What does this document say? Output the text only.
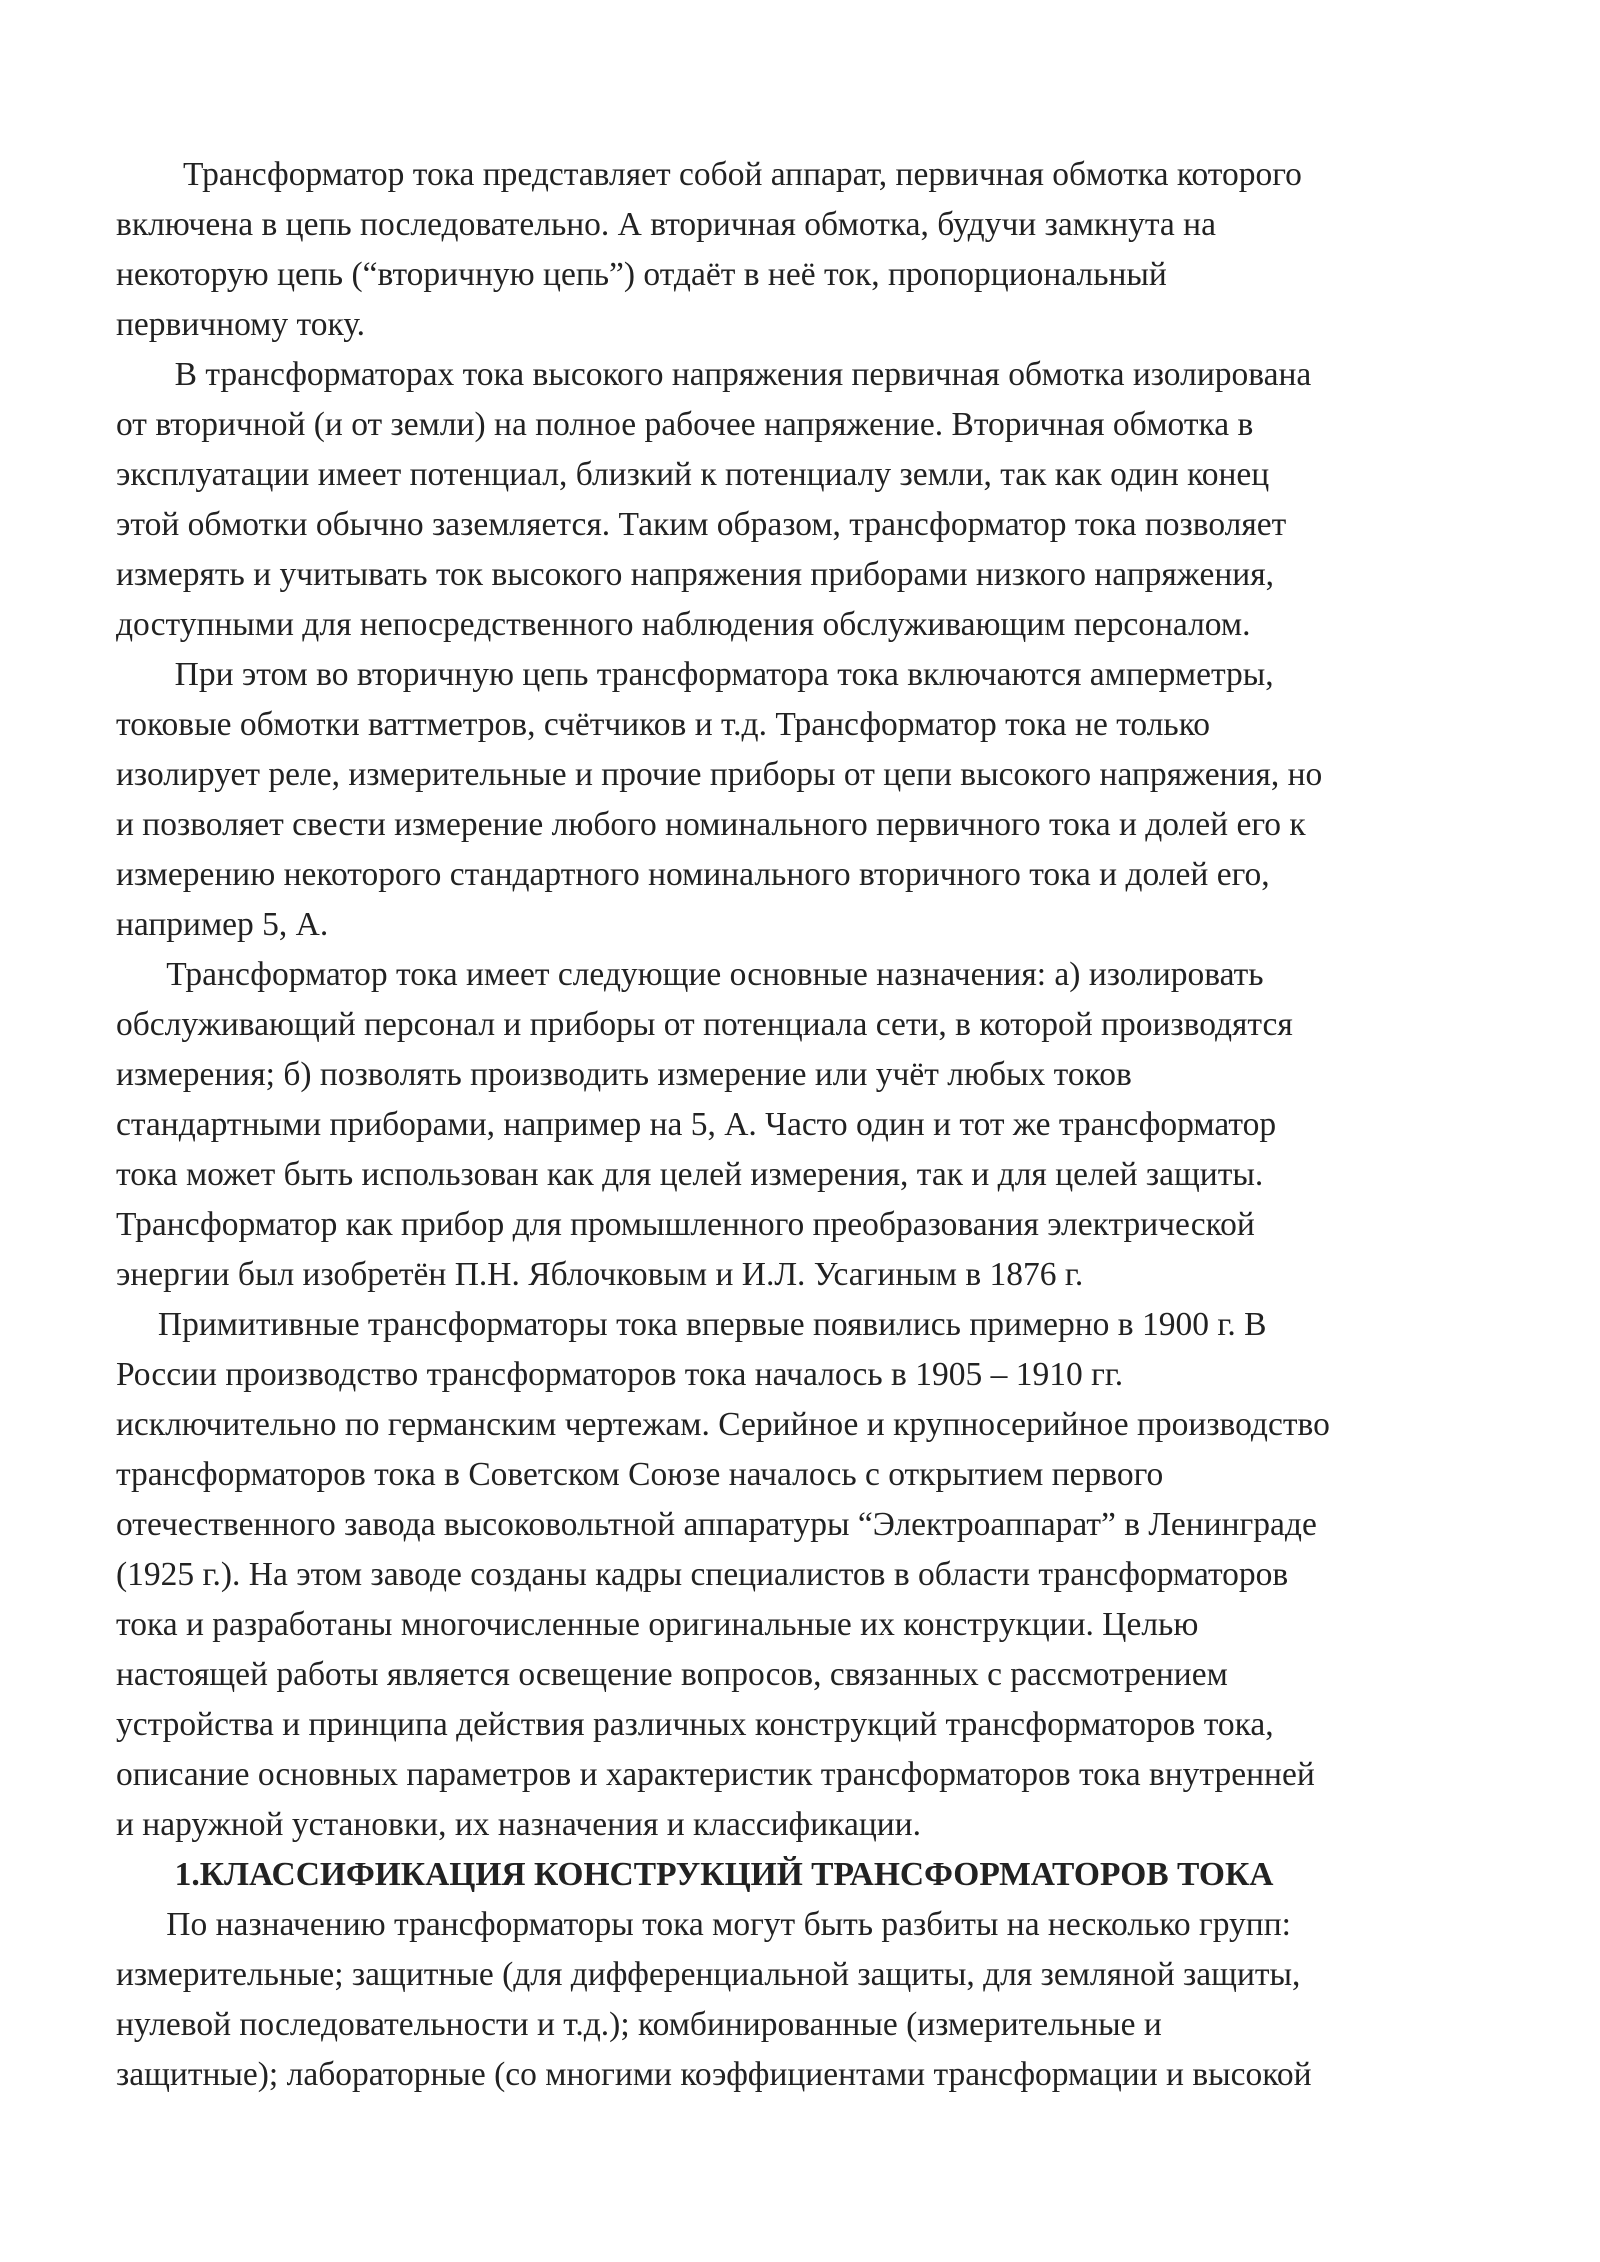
Трансформатор тока представляет собой аппарат, первичная обмотка которого
включена в цепь последовательно. А вторичная обмотка, будучи замкнута на
некоторую цепь (“вторичную цепь”) отдаёт в неё ток, пропорциональный
первичному току.
В трансформаторах тока высокого напряжения первичная обмотка изолирована
от вторичной (и от земли) на полное рабочее напряжение. Вторичная обмотка в
эксплуатации имеет потенциал, близкий к потенциалу земли, так как один конец
этой обмотки обычно заземляется. Таким образом, трансформатор тока позволяет
измерять и учитывать ток высокого напряжения приборами низкого напряжения,
доступными для непосредственного наблюдения обслуживающим персоналом.
При этом во вторичную цепь трансформатора тока включаются амперметры,
токовые обмотки ваттметров, счётчиков и т.д. Трансформатор тока не только
изолирует реле, измерительные и прочие приборы от цепи высокого напряжения, но
и позволяет свести измерение любого номинального первичного тока и долей его к
измерению некоторого стандартного номинального вторичного тока и долей его,
например 5, А.
Трансформатор тока имеет следующие основные назначения: а) изолировать
обслуживающий персонал и приборы от потенциала сети, в которой производятся
измерения; б) позволять производить измерение или учёт любых токов
стандартными приборами, например на 5, А. Часто один и тот же трансформатор
тока может быть использован как для целей измерения, так и для целей защиты.
Трансформатор как прибор для промышленного преобразования электрической
энергии был изобретён П.Н. Яблочковым и И.Л. Усагиным в 1876 г.
Примитивные трансформаторы тока впервые появились примерно в 1900 г. В
России производство трансформаторов тока началось в 1905 – 1910 гг.
исключительно по германским чертежам. Серийное и крупносерийное производство
трансформаторов тока в Советском Союзе началось с открытием первого
отечественного завода высоковольтной аппаратуры “Электроаппарат” в Ленинграде
(1925 г.). На этом заводе созданы кадры специалистов в области трансформаторов
тока и разработаны многочисленные оригинальные их конструкции. Целью
настоящей работы является освещение вопросов, связанных с рассмотрением
устройства и принципа действия различных конструкций трансформаторов тока,
описание основных параметров и характеристик трансформаторов тока внутренней
и наружной установки, их назначения и классификации.
1.КЛАССИФИКАЦИЯ КОНСТРУКЦИЙ ТРАНСФОРМАТОРОВ ТОКА
По назначению трансформаторы тока могут быть разбиты на несколько групп:
измерительные; защитные (для дифференциальной защиты, для земляной защиты,
нулевой последовательности и т.д.); комбинированные (измерительные и
защитные); лабораторные (со многими коэффициентами трансформации и высокой
